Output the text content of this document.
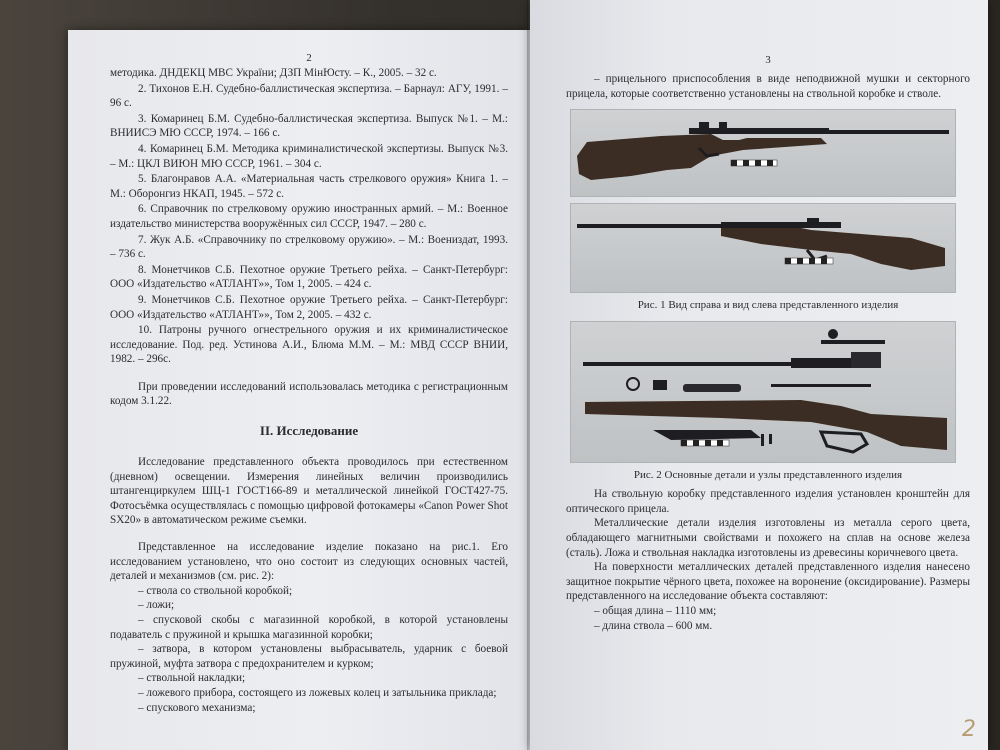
2

методика. ДНДЕКЦ МВС України; ДЗП МінЮсту. – К., 2005. – 32 с.

2. Тихонов Е.Н. Судебно-баллистическая экспертиза. – Барнаул: АГУ, 1991. – 96 с.

3. Комаринец Б.М. Судебно-баллистическая экспертиза. Выпуск №1. – М.: ВНИИСЭ МЮ СССР, 1974. – 166 с.

4. Комаринец Б.М. Методика криминалистической экспертизы. Выпуск №3. – М.: ЦКЛ ВИЮН МЮ СССР, 1961. – 304 с.

5. Благонравов А.А. «Материальная часть стрелкового оружия» Книга 1. – М.: Оборонгиз НКАП, 1945. – 572 с.

6. Справочник по стрелковому оружию иностранных армий. – М.: Военное издательство министерства вооружённых сил СССР, 1947. – 280 с.

7. Жук А.Б. «Справочнику по стрелковому оружию». – М.: Воениздат, 1993. – 736 с.

8. Монетчиков С.Б. Пехотное оружие Третьего рейха. – Санкт-Петербург: ООО «Издательство «АТЛАНТ»», Том 1, 2005. – 424 с.

9. Монетчиков С.Б. Пехотное оружие Третьего рейха. – Санкт-Петербург: ООО «Издательство «АТЛАНТ»», Том 2, 2005. – 432 с.

10. Патроны ручного огнестрельного оружия и их криминалистическое исследование. Под. ред. Устинова А.И., Блюма М.М. – М.: МВД СССР ВНИИ, 1982. – 296с.

При проведении исследований использовалась методика с регистрационным кодом 3.1.22.

II. Исследование

Исследование представленного объекта проводилось при естественном (дневном) освещении. Измерения линейных величин производились штангенциркулем ШЦ-1 ГОСТ166-89 и металлической линейкой ГОСТ427-75. Фотосъёмка осуществлялась с помощью цифровой фотокамеры «Canon Power Shot SX20» в автоматическом режиме съемки.

Представленное на исследование изделие показано на рис.1. Его исследованием установлено, что оно состоит из следующих основных частей, деталей и механизмов (см. рис. 2):

– ствола со ствольной коробкой;

– ложи;

– спусковой скобы с магазинной коробкой, в которой установлены подаватель с пружиной и крышка магазинной коробки;

– затвора, в котором установлены выбрасыватель, ударник с боевой пружиной, муфта затвора с предохранителем и курком;

– ствольной накладки;

– ложевого прибора, состоящего из ложевых колец и затыльника приклада;

– спускового механизма;

3

– прицельного приспособления в виде неподвижной мушки и секторного прицела, которые соответственно установлены на ствольной коробке и стволе.

Рис. 1 Вид справа и вид слева представленного изделия

Рис. 2 Основные детали и узлы представленного изделия

На ствольную коробку представленного изделия установлен кронштейн для оптического прицела.

Металлические детали изделия изготовлены из металла серого цвета, обладающего магнитными свойствами и похожего на сплав на основе железа (сталь). Ложа и ствольная накладка изготовлены из древесины коричневого цвета.

На поверхности металлических деталей представленного изделия нанесено защитное покрытие чёрного цвета, похожее на воронение (оксидирование). Размеры представленного на исследование объекта составляют:

– общая длина – 1110 мм;

– длина ствола – 600 мм.

2
